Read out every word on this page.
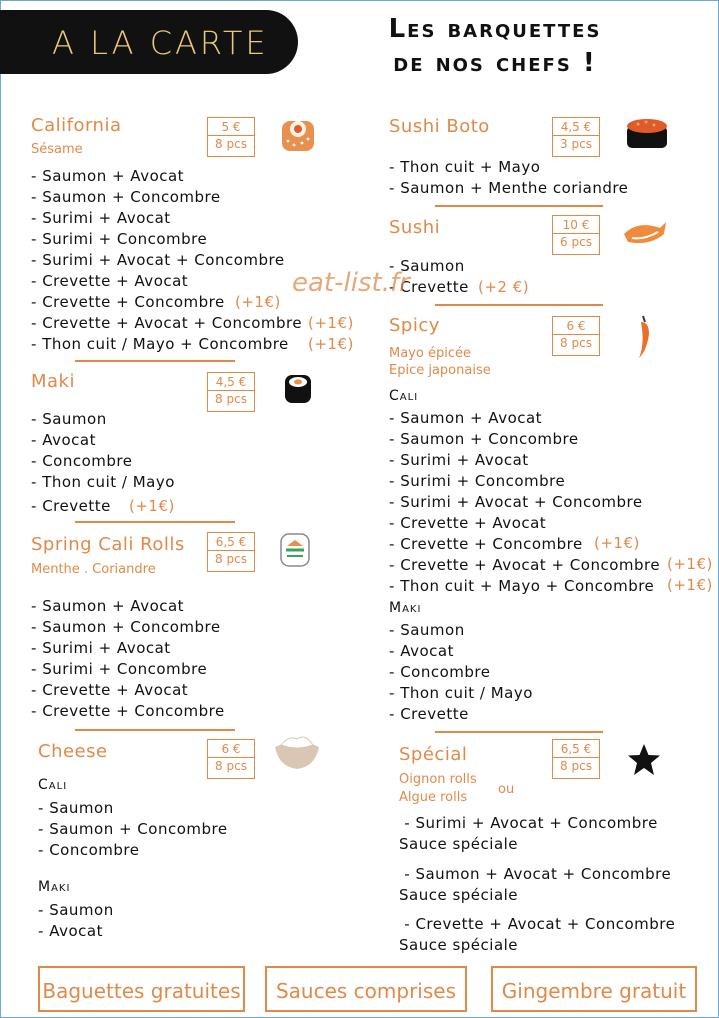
A LA CARTE	Les barquettes
de nos chefs !
California
Sésame
5 €
8 pcs
- Saumon + Avocat
- Saumon + Concombre
- Surimi + Avocat
- Surimi + Concombre
- Surimi + Avocat + Concombre
- Crevette + Avocat
- Crevette + Concombre
- Crevette + Avocat + Concombre
- Thon cuit / Mayo + Concombre
(+1€)
(+1€)
(+1€)
Maki	4,5 €
8 pcs
- Saumon
- Avocat
- Concombre
- Thon cuit / Mayo
- Crevette	(+1€)
Spring Cali Rolls
Menthe . Coriandre
6,5 €
8 pcs
- Saumon + Avocat
- Saumon + Concombre
- Surimi + Avocat
- Surimi + Concombre
- Crevette + Avocat
- Crevette + Concombre
Cheese	6 €
8 pcs
Cali
- Saumon
- Saumon + Concombre
- Concombre
Maki
- Saumon
- Avocat
Sushi Boto	4,5 €
3 pcs
- Thon cuit + Mayo
- Saumon + Menthe coriandre
Sushi	10 €
6 pcs
- Saumon
- Crevette (+2 €)
Spicy
Mayo épicée
Epice japonaise
6 €
8 pcs
Cali
- Saumon + Avocat
- Saumon + Concombre
- Surimi + Avocat
- Surimi + Concombre
- Surimi + Avocat + Concombre
- Crevette + Avocat
- Crevette + Concombre
- Crevette + Avocat + Concombre
- Thon cuit + Mayo + Concombre
(+1€)
(+1€)
(+1€)
Maki
- Saumon
- Avocat
- Concombre
- Thon cuit / Mayo
- Crevette
Spécial
Oignon rolls
Algue rolls
ou
6,5 €
8 pcs
- Surimi + Avocat + Concombre
Sauce spéciale
- Saumon + Avocat + Concombre
Sauce spéciale
- Crevette + Avocat + Concombre
Sauce spéciale
eat-list.fr
Baguettes gratuites	Sauces comprises	Gingembre gratuit
